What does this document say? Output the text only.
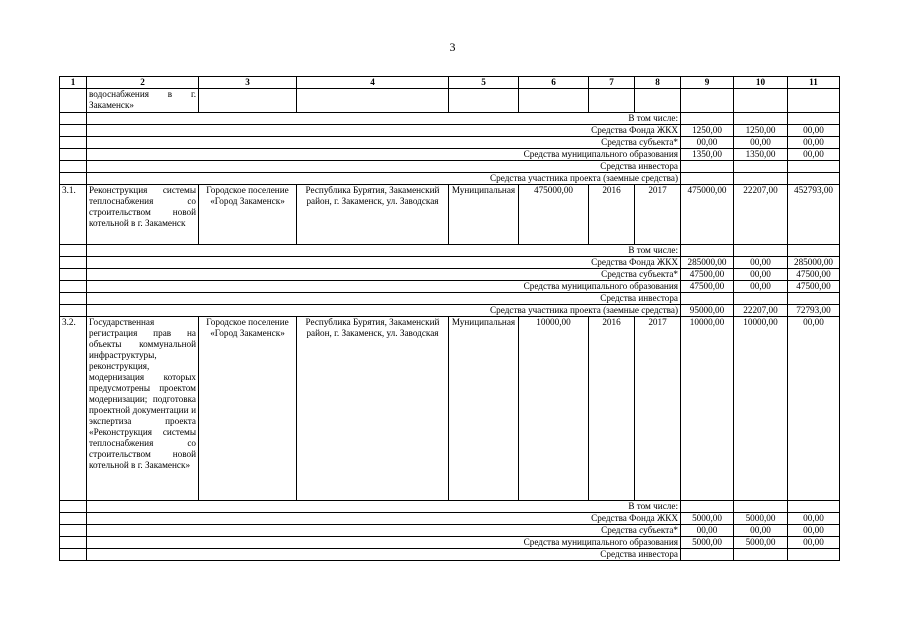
3
1	2	3	4	5	6	7	8	9	10	11
	водоснабжения в г. Закаменск»									
	В том числе:									
	Средства Фонда ЖКХ							1250,00	1250,00	00,00
	Средства субъекта*							00,00	00,00	00,00
	Средства муниципального образования							1350,00	1350,00	00,00
	Средства инвестора									
	Средства участника проекта (заемные средства)									
3.1.	Реконструкция системы теплоснабжения со строительством новой котельной в г. Закаменск	Городское поселение «Город Закаменск»	Республика Бурятия, Закаменский район, г. Закаменск, ул. Заводская	Муниципальная	475000,00	2016	2017	475000,00	22207,00	452793,00
	В том числе:									
	Средства Фонда ЖКХ							285000,00	00,00	285000,00
	Средства субъекта*							47500,00	00,00	47500,00
	Средства муниципального образования							47500,00	00,00	47500,00
	Средства инвестора									
	Средства участника проекта (заемные средства)							95000,00	22207,00	72793,00
3.2.	Государственная регистрация прав на объекты коммунальной инфраструктуры, реконструкция, модернизация которых предусмотрены проектом модернизации; подготовка проектной документации и экспертиза проекта «Реконструкция системы теплоснабжения со строительством новой котельной в г. Закаменск»	Городское поселение «Город Закаменск»	Республика Бурятия, Закаменский район, г. Закаменск, ул. Заводская	Муниципальная	10000,00	2016	2017	10000,00	10000,00	00,00
	В том числе:									
	Средства Фонда ЖКХ							5000,00	5000,00	00,00
	Средства субъекта*							00,00	00,00	00,00
	Средства муниципального образования							5000,00	5000,00	00,00
	Средства инвестора									
